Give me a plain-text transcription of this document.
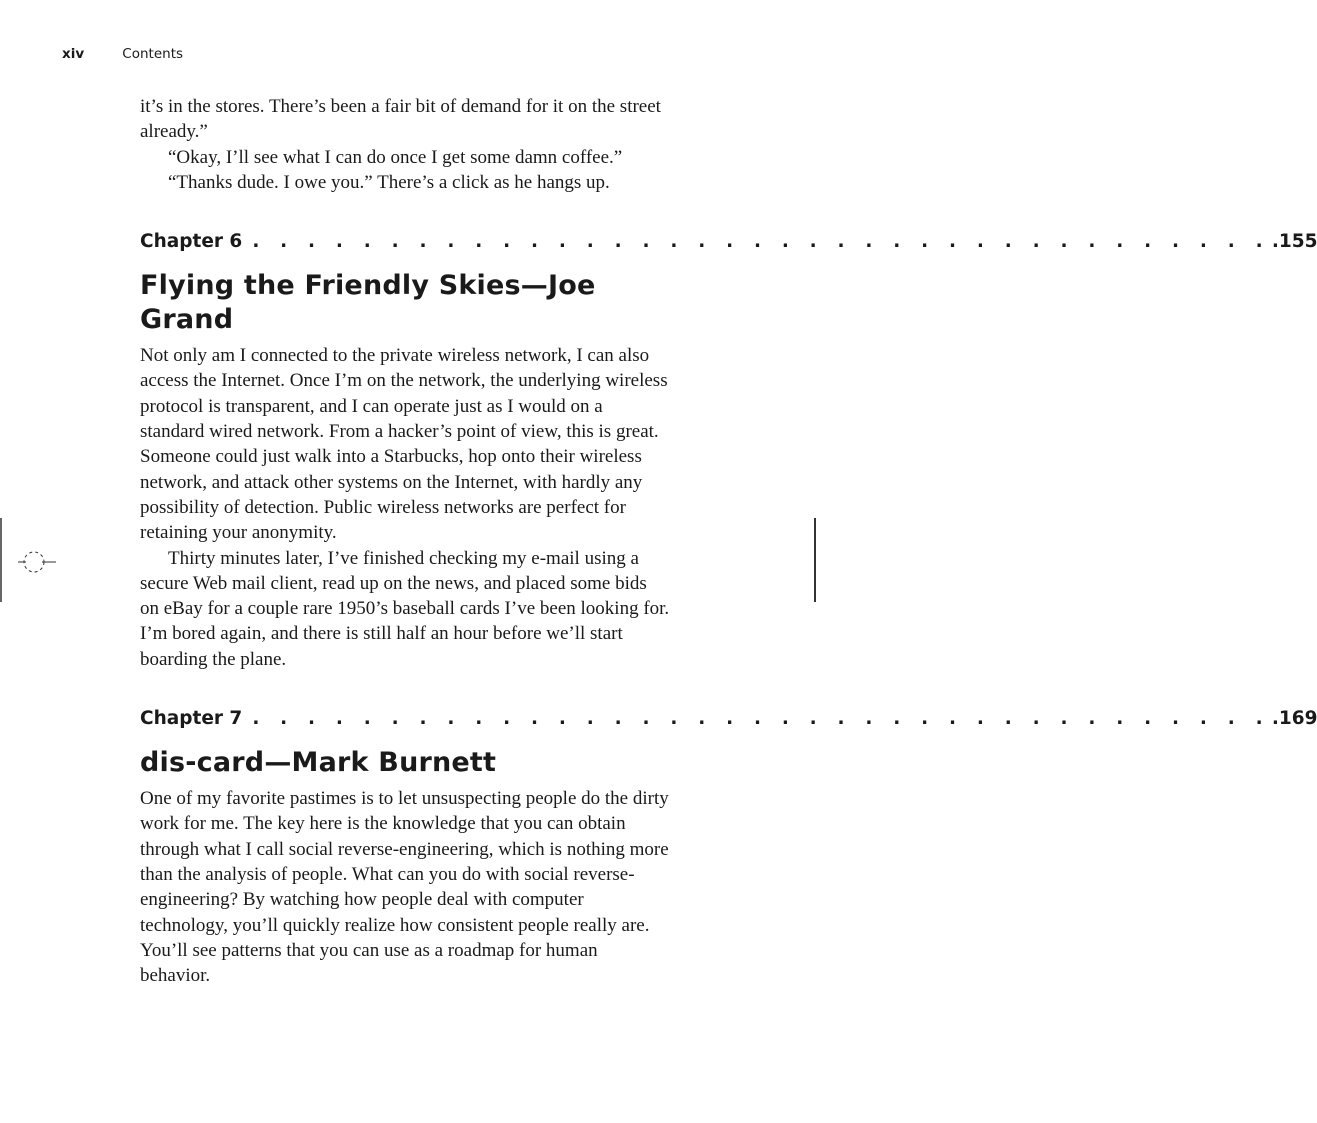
xiv	Contents

it’s in the stores. There’s been a fair bit of demand for it on the street already.”

“Okay, I’ll see what I can do once I get some damn coffee.”

“Thanks dude. I owe you.” There’s a click as he hangs up.

Chapter 6 . . . . . . . . . . . . . . . . . . . . . . . . . . . . . . . . . . . . . .155
Flying the Friendly Skies—Joe Grand

Not only am I connected to the private wireless network, I can also access the Internet. Once I’m on the network, the underlying wireless protocol is transparent, and I can operate just as I would on a standard wired network. From a hacker’s point of view, this is great. Someone could just walk into a Starbucks, hop onto their wireless network, and attack other systems on the Internet, with hardly any possibility of detection. Public wireless networks are perfect for retaining your anonymity.

Thirty minutes later, I’ve finished checking my e-mail using a secure Web mail client, read up on the news, and placed some bids on eBay for a couple rare 1950’s baseball cards I’ve been looking for. I’m bored again, and there is still half an hour before we’ll start boarding the plane.

Chapter 7 . . . . . . . . . . . . . . . . . . . . . . . . . . . . . . . . . . . . . .169
dis-card—Mark Burnett

One of my favorite pastimes is to let unsuspecting people do the dirty work for me. The key here is the knowledge that you can obtain through what I call social reverse-engineering, which is nothing more than the analysis of people. What can you do with social reverse-engineering? By watching how people deal with computer technology, you’ll quickly realize how consistent people really are. You’ll see patterns that you can use as a roadmap for human behavior.
